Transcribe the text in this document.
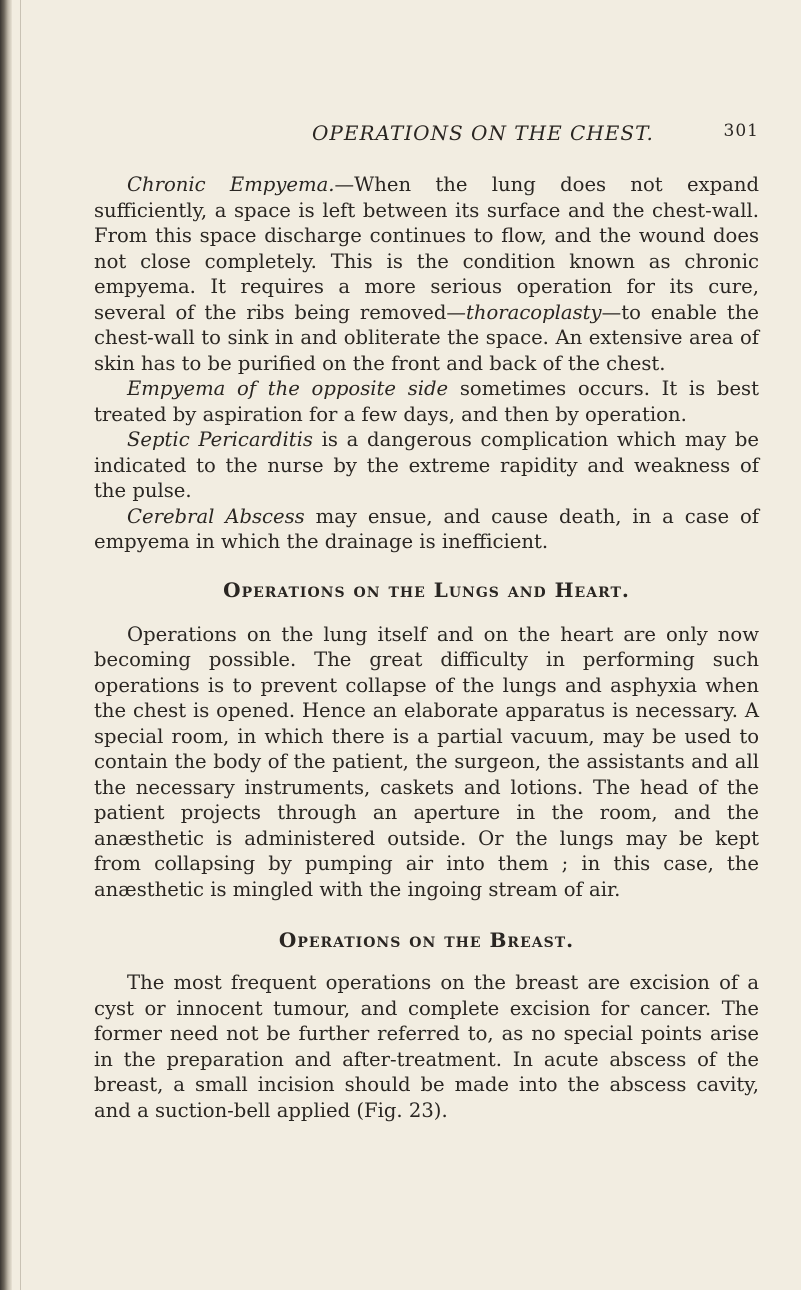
OPERATIONS ON THE CHEST.	301

Chronic Empyema.—When the lung does not expand sufficiently, a space is left between its surface and the chest-wall. From this space discharge continues to flow, and the wound does not close completely. This is the condition known as chronic empyema. It requires a more serious operation for its cure, several of the ribs being removed—thoracoplasty—to enable the chest-wall to sink in and obliterate the space. An extensive area of skin has to be purified on the front and back of the chest.

Empyema of the opposite side sometimes occurs. It is best treated by aspiration for a few days, and then by operation.

Septic Pericarditis is a dangerous complication which may be indicated to the nurse by the extreme rapidity and weakness of the pulse.

Cerebral Abscess may ensue, and cause death, in a case of empyema in which the drainage is inefficient.

Operations on the Lungs and Heart.

Operations on the lung itself and on the heart are only now becoming possible. The great difficulty in performing such operations is to prevent collapse of the lungs and asphyxia when the chest is opened. Hence an elaborate apparatus is necessary. A special room, in which there is a partial vacuum, may be used to contain the body of the patient, the surgeon, the assistants and all the necessary instruments, caskets and lotions. The head of the patient projects through an aperture in the room, and the anæsthetic is administered outside. Or the lungs may be kept from collapsing by pumping air into them ; in this case, the anæsthetic is mingled with the ingoing stream of air.

Operations on the Breast.

The most frequent operations on the breast are excision of a cyst or innocent tumour, and complete excision for cancer. The former need not be further referred to, as no special points arise in the preparation and after-treatment. In acute abscess of the breast, a small incision should be made into the abscess cavity, and a suction-bell applied (Fig. 23).
